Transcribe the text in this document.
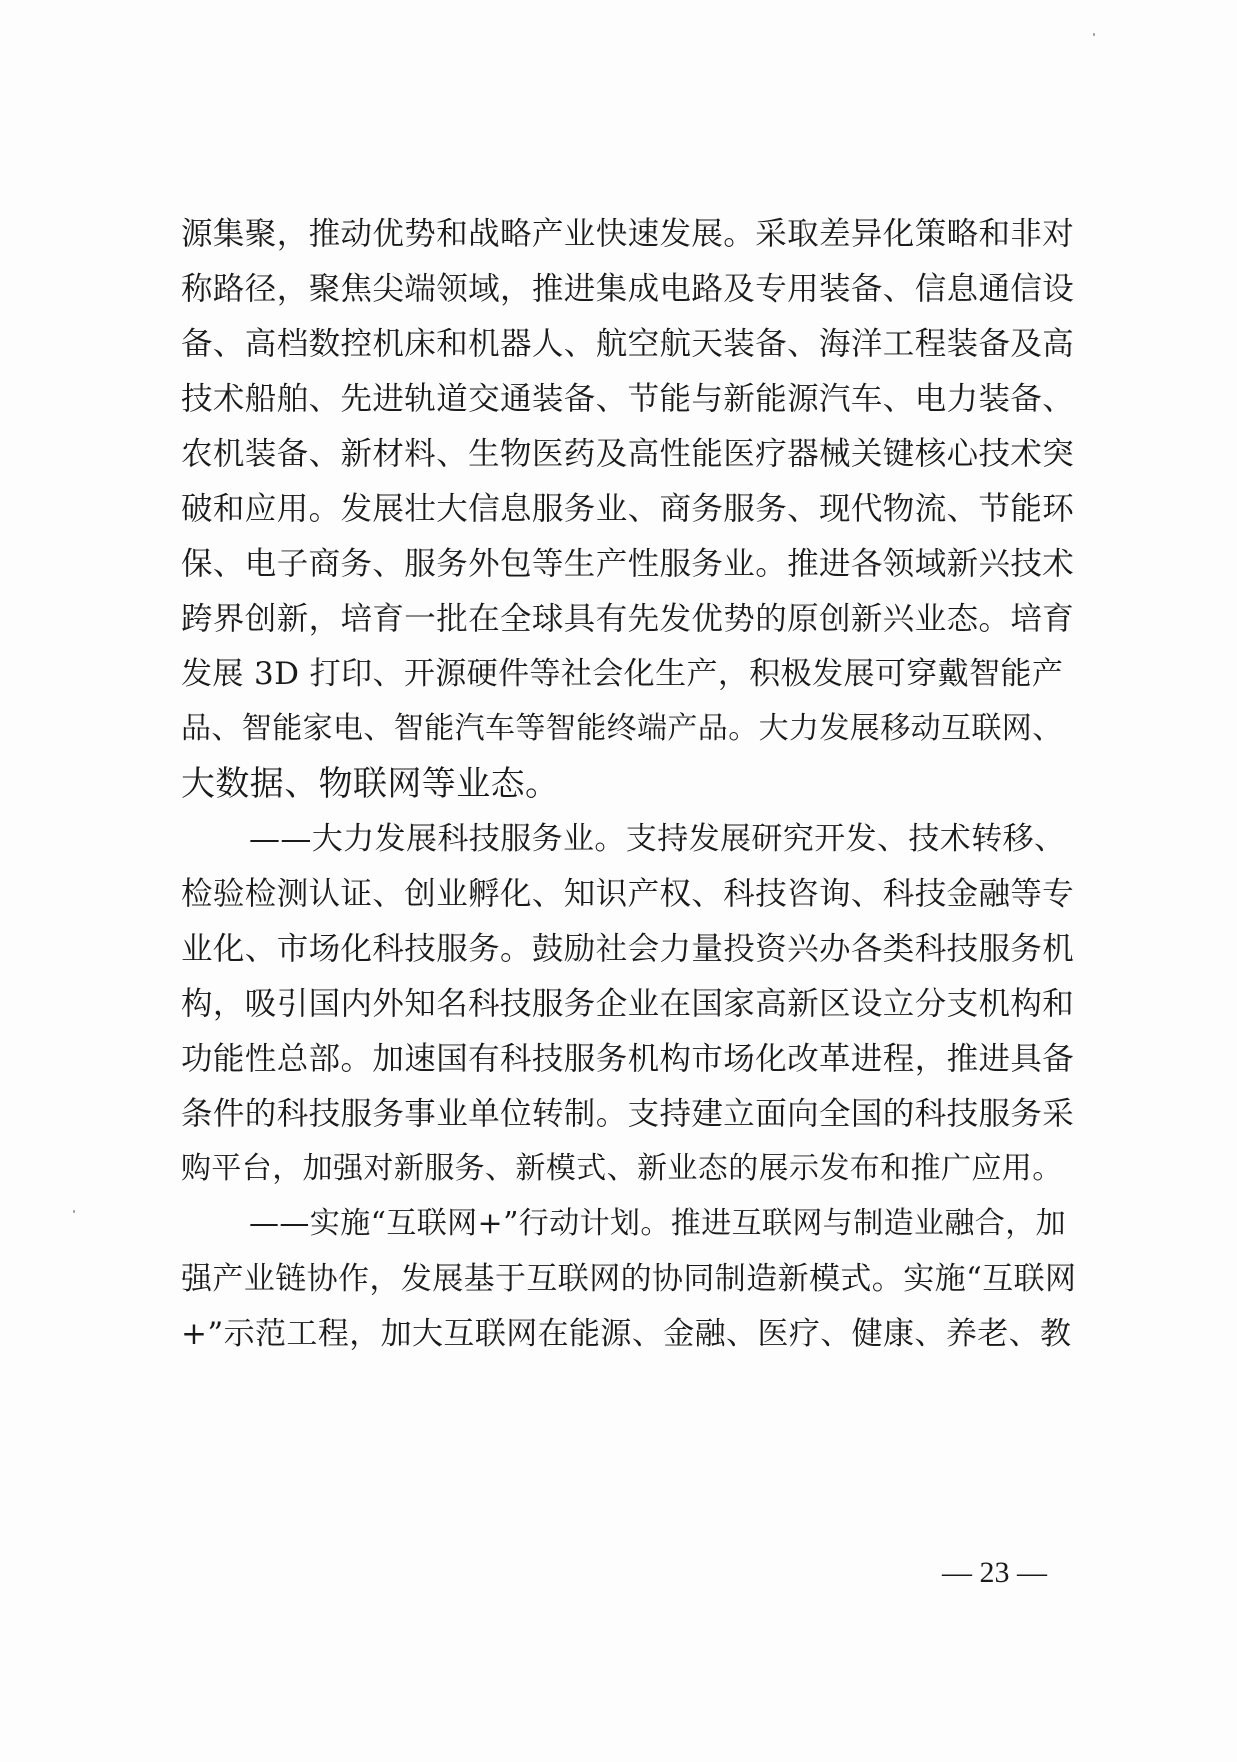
源集聚，推动优势和战略产业快速发展。采取差异化策略和非对
称路径，聚焦尖端领域，推进集成电路及专用装备、信息通信设
备、高档数控机床和机器人、航空航天装备、海洋工程装备及高
技术船舶、先进轨道交通装备、节能与新能源汽车、电力装备、
农机装备、新材料、生物医药及高性能医疗器械关键核心技术突
破和应用。发展壮大信息服务业、商务服务、现代物流、节能环
保、电子商务、服务外包等生产性服务业。推进各领域新兴技术
跨界创新，培育一批在全球具有先发优势的原创新兴业态。培育
发展 3D 打印、开源硬件等社会化生产，积极发展可穿戴智能产
品、智能家电、智能汽车等智能终端产品。大力发展移动互联网、
大数据、物联网等业态。
——大力发展科技服务业。支持发展研究开发、技术转移、
检验检测认证、创业孵化、知识产权、科技咨询、科技金融等专
业化、市场化科技服务。鼓励社会力量投资兴办各类科技服务机
构，吸引国内外知名科技服务企业在国家高新区设立分支机构和
功能性总部。加速国有科技服务机构市场化改革进程，推进具备
条件的科技服务事业单位转制。支持建立面向全国的科技服务采
购平台，加强对新服务、新模式、新业态的展示发布和推广应用。
——实施“互联网+”行动计划。推进互联网与制造业融合，加
强产业链协作，发展基于互联网的协同制造新模式。实施“互联网
+”示范工程，加大互联网在能源、金融、医疗、健康、养老、教
— 23 —
